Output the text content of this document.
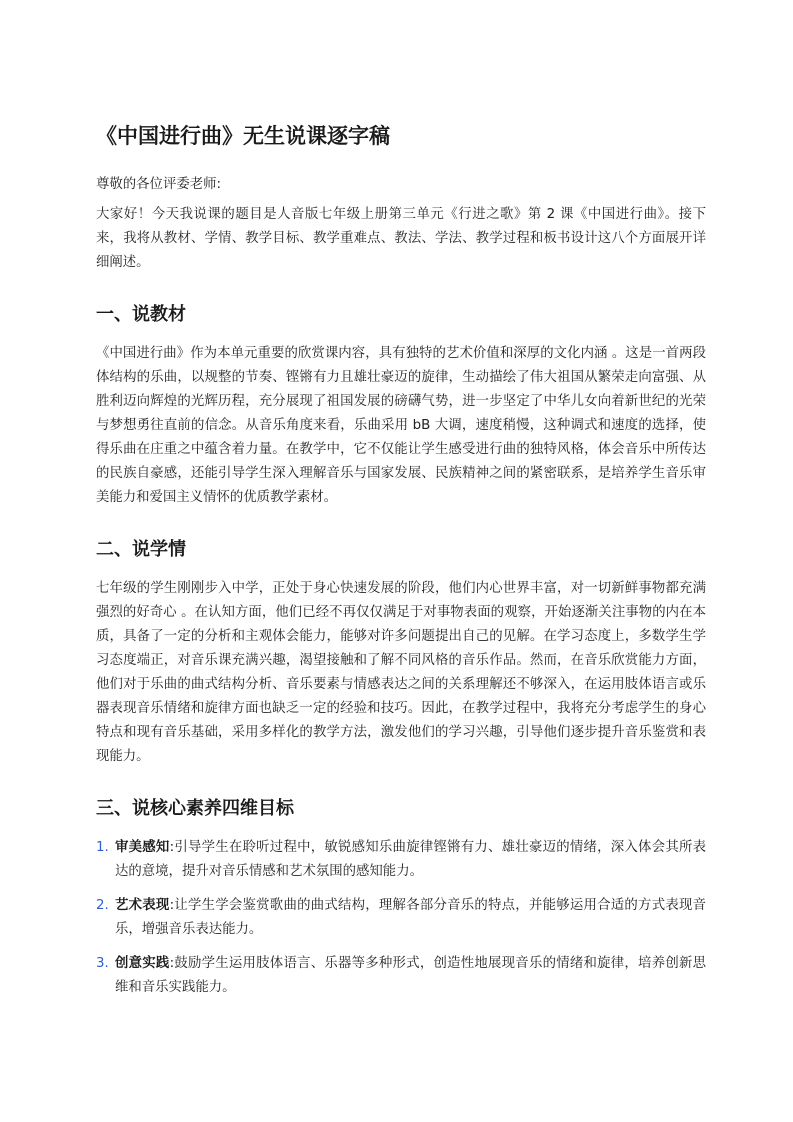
《中国进行曲》无生说课逐字稿

尊敬的各位评委老师:

大家好！今天我说课的题目是人音版七年级上册第三单元《行进之歌》第 2 课《中国进行曲》。接下来，我将从教材、学情、教学目标、教学重难点、教法、学法、教学过程和板书设计这八个方面展开详细阐述。

一、说教材

《中国进行曲》作为本单元重要的欣赏课内容，具有独特的艺术价值和深厚的文化内涵 。这是一首两段体结构的乐曲，以规整的节奏、铿锵有力且雄壮豪迈的旋律，生动描绘了伟大祖国从繁荣走向富强、从胜利迈向辉煌的光辉历程，充分展现了祖国发展的磅礴气势，进一步坚定了中华儿女向着新世纪的光荣与梦想勇往直前的信念。从音乐角度来看，乐曲采用 bB 大调，速度稍慢，这种调式和速度的选择，使得乐曲在庄重之中蕴含着力量。在教学中，它不仅能让学生感受进行曲的独特风格，体会音乐中所传达的民族自豪感，还能引导学生深入理解音乐与国家发展、民族精神之间的紧密联系，是培养学生音乐审美能力和爱国主义情怀的优质教学素材。

二、说学情

七年级的学生刚刚步入中学，正处于身心快速发展的阶段，他们内心世界丰富，对一切新鲜事物都充满强烈的好奇心 。在认知方面，他们已经不再仅仅满足于对事物表面的观察，开始逐渐关注事物的内在本质，具备了一定的分析和主观体会能力，能够对许多问题提出自己的见解。在学习态度上，多数学生学习态度端正，对音乐课充满兴趣，渴望接触和了解不同风格的音乐作品。然而，在音乐欣赏能力方面，他们对于乐曲的曲式结构分析、音乐要素与情感表达之间的关系理解还不够深入，在运用肢体语言或乐器表现音乐情绪和旋律方面也缺乏一定的经验和技巧。因此，在教学过程中，我将充分考虑学生的身心特点和现有音乐基础，采用多样化的教学方法，激发他们的学习兴趣，引导他们逐步提升音乐鉴赏和表现能力。

三、说核心素养四维目标
1. 审美感知:引导学生在聆听过程中，敏锐感知乐曲旋律铿锵有力、雄壮豪迈的情绪，深入体会其所表达的意境，提升对音乐情感和艺术氛围的感知能力。
2. 艺术表现:让学生学会鉴赏歌曲的曲式结构，理解各部分音乐的特点，并能够运用合适的方式表现音乐，增强音乐表达能力。
3. 创意实践:鼓励学生运用肢体语言、乐器等多种形式，创造性地展现音乐的情绪和旋律，培养创新思维和音乐实践能力。
